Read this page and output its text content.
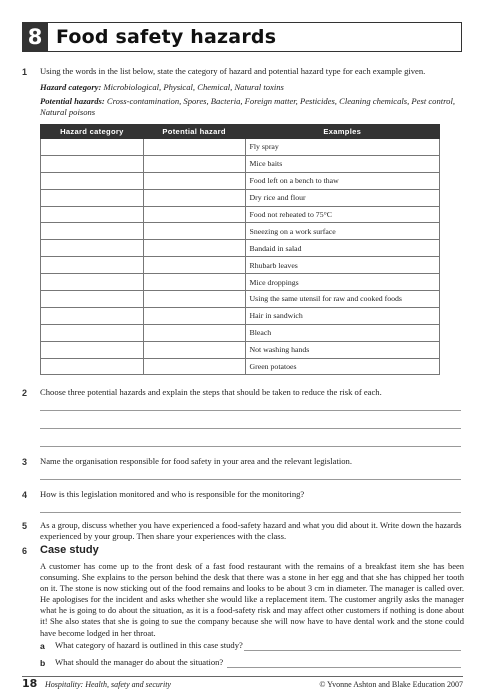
8 Food safety hazards
1 Using the words in the list below, state the category of hazard and potential hazard type for each example given.
Hazard category: Microbiological, Physical, Chemical, Natural toxins
Potential hazards: Cross-contamination, Spores, Bacteria, Foreign matter, Pesticides, Cleaning chemicals, Pest control, Natural poisons
Hazard category	Potential hazard	Examples
		Fly spray
		Mice baits
		Food left on a bench to thaw
		Dry rice and flour
		Food not reheated to 75°C
		Sneezing on a work surface
		Bandaid in salad
		Rhubarb leaves
		Mice droppings
		Using the same utensil for raw and cooked foods
		Hair in sandwich
		Bleach
		Not washing hands
		Green potatoes
2 Choose three potential hazards and explain the steps that should be taken to reduce the risk of each.
3 Name the organisation responsible for food safety in your area and the relevant legislation.
4 How is this legislation monitored and who is responsible for the monitoring?
5 As a group, discuss whether you have experienced a food-safety hazard and what you did about it. Write down the hazards experienced by your group. Then share your experiences with the class.
6 Case study
A customer has come up to the front desk of a fast food restaurant with the remains of a breakfast item she has been consuming. She explains to the person behind the desk that there was a stone in her egg and that she has chipped her tooth on it. The stone is now sticking out of the food remains and looks to be about 3 cm in diameter. The manager is called over. He apologises for the incident and asks whether she would like a replacement item. The customer angrily asks the manager what he is going to do about the situation, as it is a food-safety risk and may affect other customers if nothing is done about it! She also states that she is going to sue the company because she will now have to have dental work and the stone could have become lodged in her throat.
a What category of hazard is outlined in this case study?
b What should the manager do about the situation?
18 Hospitality: Health, safety and security	© Yvonne Ashton and Blake Education 2007
